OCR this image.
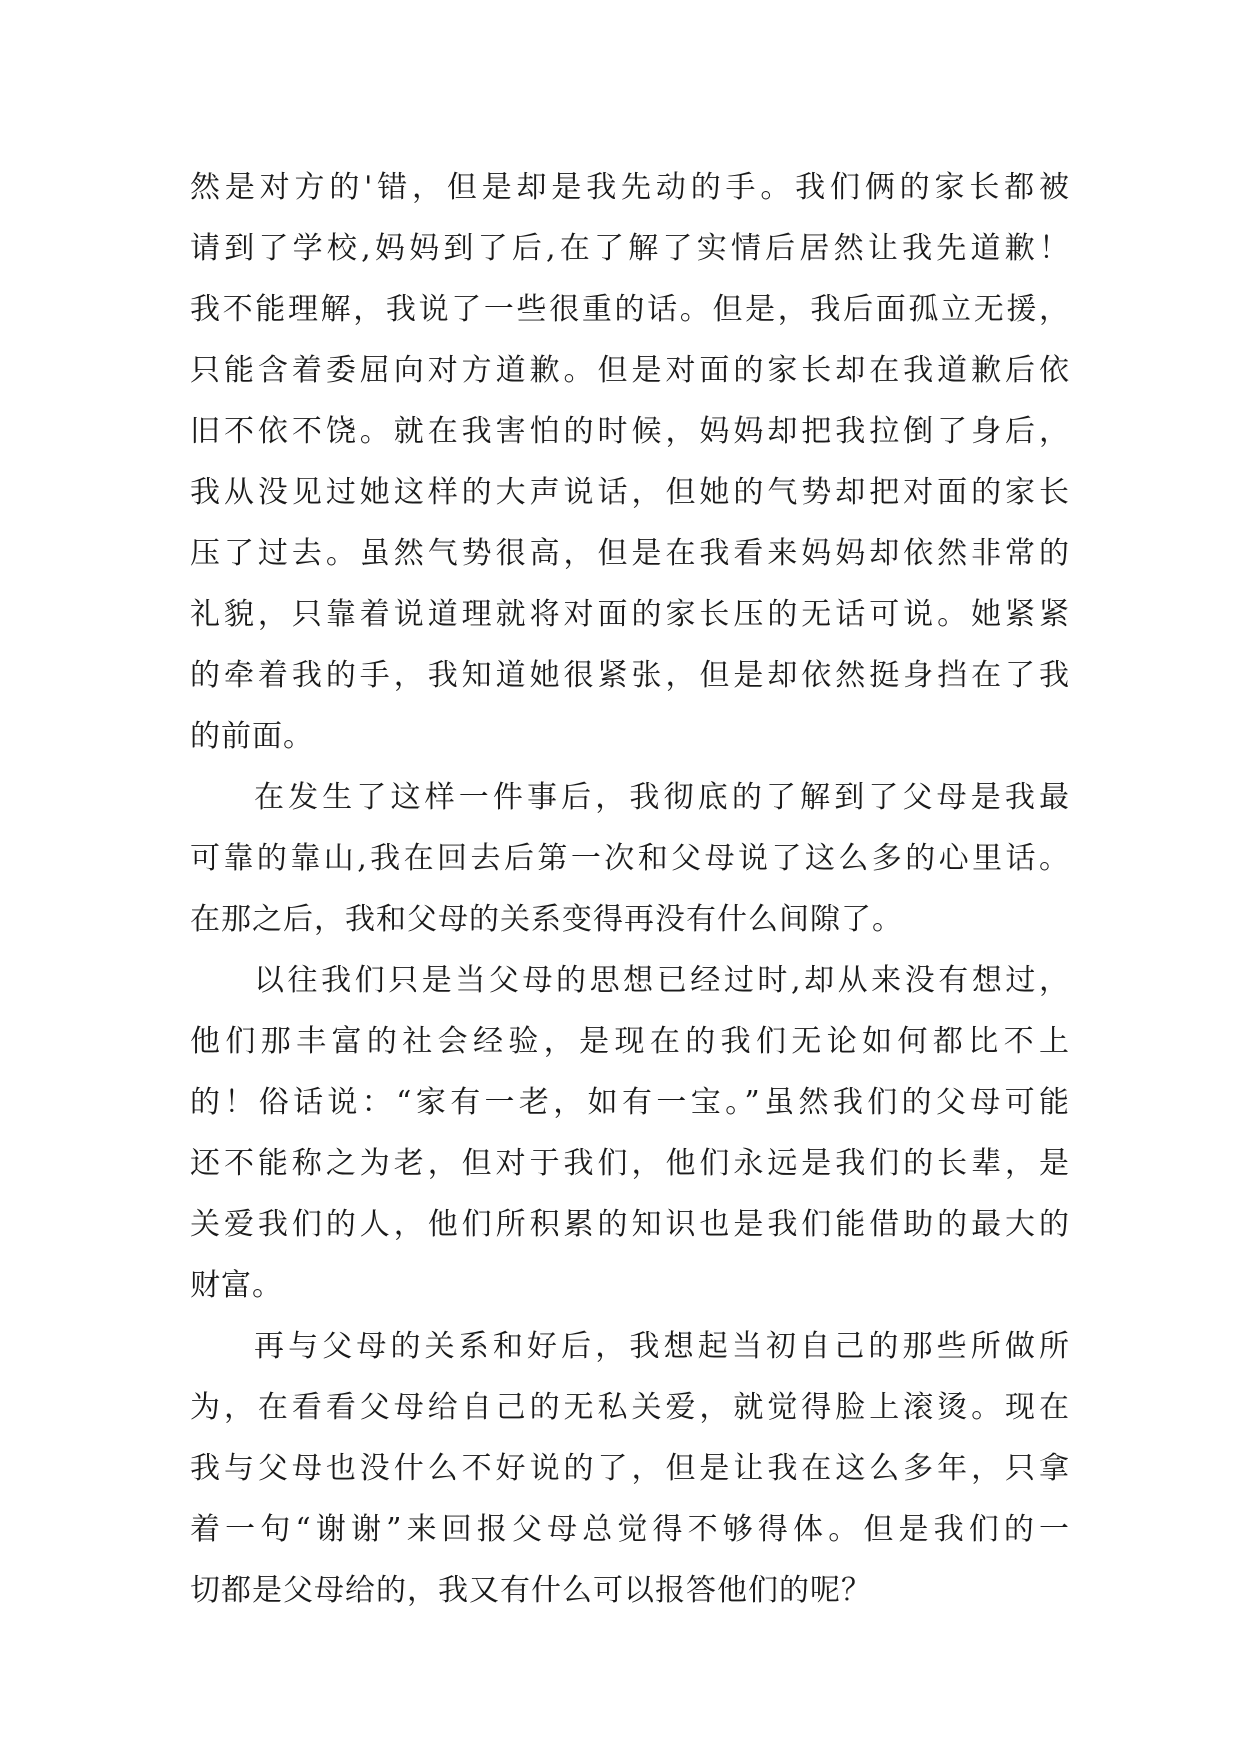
然是对方的'错，但是却是我先动的手。我们俩的家长都被
请到了学校,妈妈到了后,在了解了实情后居然让我先道歉！
我不能理解，我说了一些很重的话。但是，我后面孤立无援，
只能含着委屈向对方道歉。但是对面的家长却在我道歉后依
旧不依不饶。就在我害怕的时候，妈妈却把我拉倒了身后，
我从没见过她这样的大声说话，但她的气势却把对面的家长
压了过去。虽然气势很高，但是在我看来妈妈却依然非常的
礼貌，只靠着说道理就将对面的家长压的无话可说。她紧紧
的牵着我的手，我知道她很紧张，但是却依然挺身挡在了我
的前面。
在发生了这样一件事后，我彻底的了解到了父母是我最
可靠的靠山,我在回去后第一次和父母说了这么多的心里话。
在那之后，我和父母的关系变得再没有什么间隙了。
以往我们只是当父母的思想已经过时,却从来没有想过，
他们那丰富的社会经验，是现在的我们无论如何都比不上
的！俗话说：“家有一老，如有一宝。”虽然我们的父母可能
还不能称之为老，但对于我们，他们永远是我们的长辈，是
关爱我们的人，他们所积累的知识也是我们能借助的最大的
财富。
再与父母的关系和好后，我想起当初自己的那些所做所
为，在看看父母给自己的无私关爱，就觉得脸上滚烫。现在
我与父母也没什么不好说的了，但是让我在这么多年，只拿
着一句“谢谢”来回报父母总觉得不够得体。但是我们的一
切都是父母给的，我又有什么可以报答他们的呢？
